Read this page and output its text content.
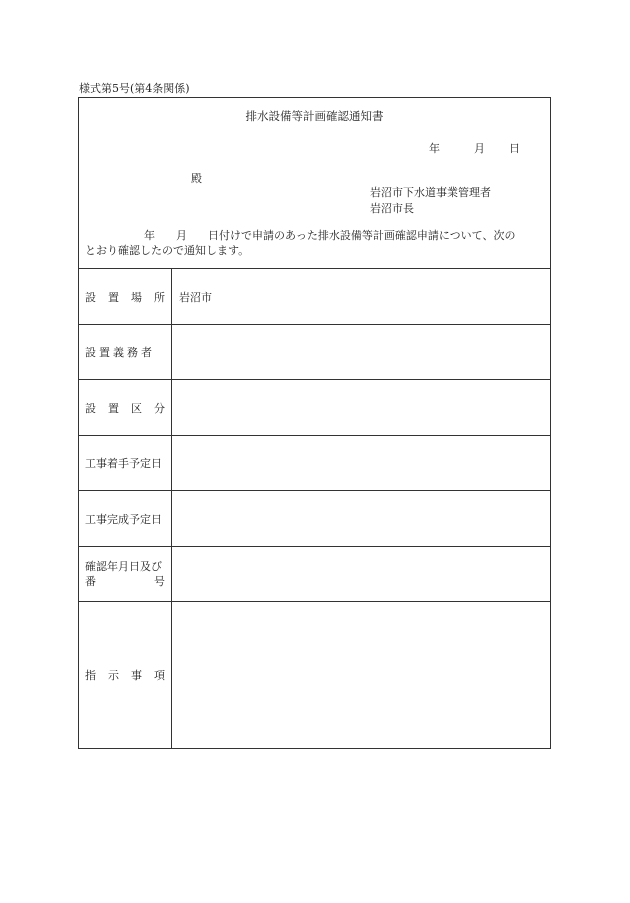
様式第5号(第4条関係)
排水設備等計画確認通知書
年	月 日
殿
岩沼市下水道事業管理者
岩沼市長
年 月 日付けで申請のあった排水設備等計画確認申請について、次の
とおり確認したので通知します。
設 置 場 所 岩沼市
設置義務者
設 置 区 分
工事着手予定日
工事完成予定日
確認年月日及び
番	号
指 示 事 項
